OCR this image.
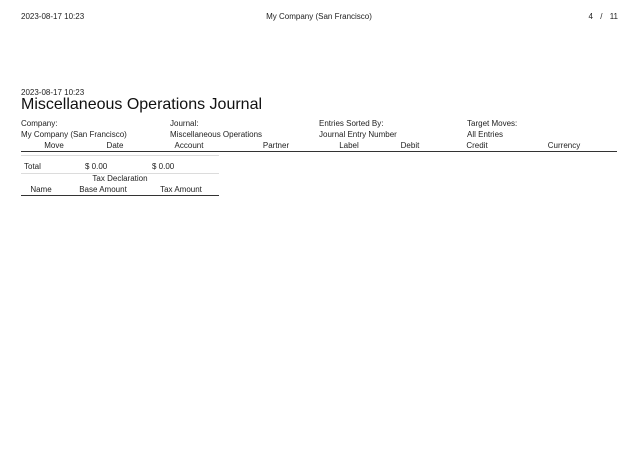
2023-08-17 10:23	My Company (San Francisco)	4 / 11
2023-08-17 10:23
Miscellaneous Operations Journal
Company:
My Company (San Francisco)
Journal:
Miscellaneous Operations
Entries Sorted By:
Journal Entry Number
Target Moves:
All Entries
Move	Date	Account	Partner	Label	Debit	Credit	Currency
Total	$ 0.00	$ 0.00
Tax Declaration
Name	Base Amount	Tax Amount
